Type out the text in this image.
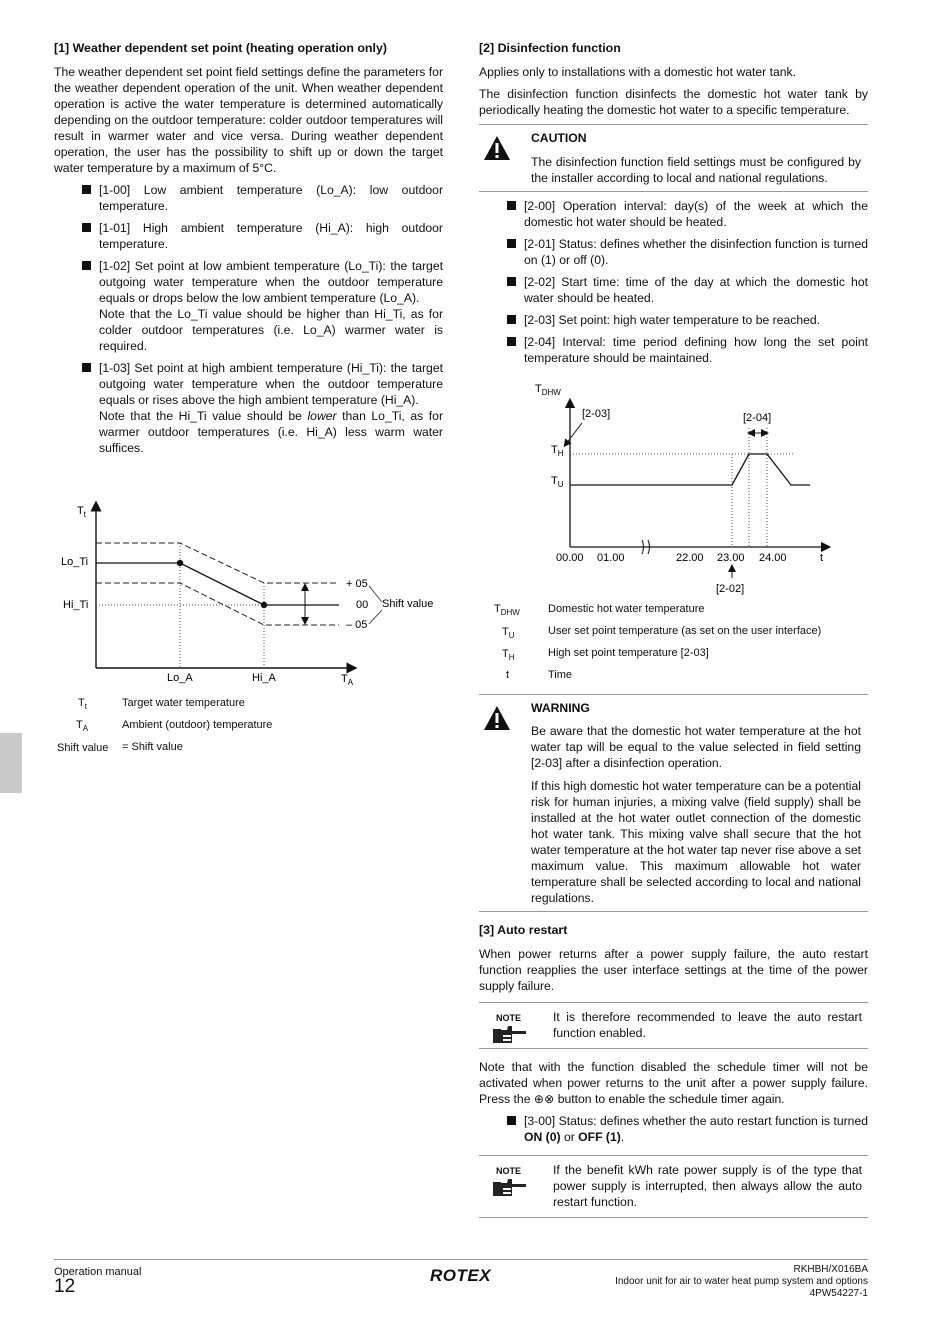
[1] Weather dependent set point (heating operation only)

The weather dependent set point field settings define the parameters for the weather dependent operation of the unit. When weather dependent operation is active the water temperature is determined automatically depending on the outdoor temperature: colder outdoor temperatures will result in warmer water and vice versa. During weather dependent operation, the user has the possibility to shift up or down the target water temperature by a maximum of 5°C.

[1-00] Low ambient temperature (Lo_A): low outdoor temperature.
[1-01] High ambient temperature (Hi_A): high outdoor temperature.
[1-02] Set point at low ambient temperature (Lo_Ti): the target outgoing water temperature when the outdoor temperature equals or drops below the low ambient temperature (Lo_A).
Note that the Lo_Ti value should be higher than Hi_Ti, as for colder outdoor temperatures (i.e. Lo_A) warmer water is required.
[1-03] Set point at high ambient temperature (Hi_Ti): the target outgoing water temperature when the outdoor temperature equals or rises above the high ambient temperature (Hi_A).
Note that the Hi_Ti value should be lower than Lo_Ti, as for warmer outdoor temperatures (i.e. Hi_A) less warm water suffices.
$T_t$
$T_A$
Lo_Ti
Hi_Ti
Lo_A	Hi_A
+ 05
00
– 05
Shift value
$T_t$	Target water temperature
$T_A$	Ambient (outdoor) temperature
Shift value = Shift value
[2] Disinfection function

Applies only to installations with a domestic hot water tank.

The disinfection function disinfects the domestic hot water tank by periodically heating the domestic hot water to a specific temperature.

CAUTION

The disinfection function field settings must be configured by the installer according to local and national regulations.

[2-00] Operation interval: day(s) of the week at which the domestic hot water should be heated.
[2-01] Status: defines whether the disinfection function is turned on (1) or off (0).
[2-02] Start time: time of the day at which the domestic hot water should be heated.
[2-03] Set point: high water temperature to be reached.
[2-04] Interval: time period defining how long the set point temperature should be maintained.
$T_{DHW}$
$T_H$
$T_U$
[2-03]	[2-04]
00.00 01.00	22.00 23.00 24.00	t
[2-02]
$T_{DHW}$	Domestic hot water temperature
$T_U$	User set point temperature (as set on the user interface)
$T_H$	High set point temperature [2-03]
t	Time

WARNING

Be aware that the domestic hot water temperature at the hot water tap will be equal to the value selected in field setting [2-03] after a disinfection operation.

If this high domestic hot water temperature can be a potential risk for human injuries, a mixing valve (field supply) shall be installed at the hot water outlet connection of the domestic hot water tank. This mixing valve shall secure that the hot water temperature at the hot water tap never rise above a set maximum value. This maximum allowable hot water temperature shall be selected according to local and national regulations.

[3] Auto restart

When power returns after a power supply failure, the auto restart function reapplies the user interface settings at the time of the power supply failure.

NOTE	It is therefore recommended to leave the auto restart function enabled.

Note that with the function disabled the schedule timer will not be activated when power returns to the unit after a power supply failure. Press the ⊕⊗ button to enable the schedule timer again.

[3-00] Status: defines whether the auto restart function is turned ON (0) or OFF (1).
NOTE	If the benefit kWh rate power supply is of the type that power supply is interrupted, then always allow the auto restart function.
Operation manual
12
ROTEX	RKHBH/X016BA
Indoor unit for air to water heat pump system and options
4PW54227-1
